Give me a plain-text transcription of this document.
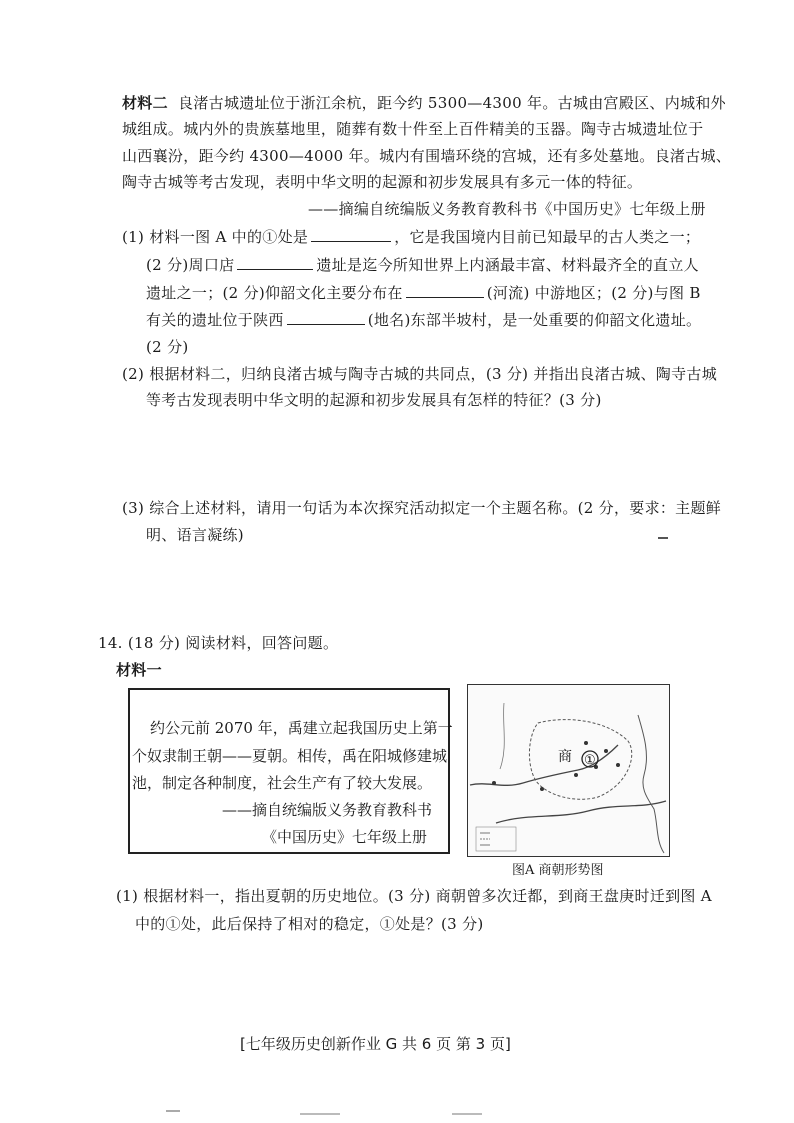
材料二 良渚古城遗址位于浙江余杭，距今约 5300—4300 年。古城由宫殿区、内城和外
城组成。城内外的贵族墓地里，随葬有数十件至上百件精美的玉器。陶寺古城遗址位于
山西襄汾，距今约 4300—4000 年。城内有围墙环绕的宫城，还有多处墓地。良渚古城、
陶寺古城等考古发现，表明中华文明的起源和初步发展具有多元一体的特征。
——摘编自统编版义务教育教科书《中国历史》七年级上册
(1) 材料一图 A 中的①处是	，它是我国境内目前已知最早的古人类之一；
(2 分)周口店	遗址是迄今所知世界上内涵最丰富、材料最齐全的直立人
遗址之一；(2 分)仰韶文化主要分布在	(河流) 中游地区；(2 分)与图 B
有关的遗址位于陕西	(地名)东部半坡村，是一处重要的仰韶文化遗址。
(2 分)
(2) 根据材料二，归纳良渚古城与陶寺古城的共同点，(3 分) 并指出良渚古城、陶寺古城
等考古发现表明中华文明的起源和初步发展具有怎样的特征？(3 分)
(3) 综合上述材料，请用一句话为本次探究活动拟定一个主题名称。(2 分，要求：主题鲜
明、语言凝练)
14. (18 分) 阅读材料，回答问题。
材料一
约公元前 2070 年，禹建立起我国历史上第一
个奴隶制王朝——夏朝。相传，禹在阳城修建城
池，制定各种制度，社会生产有了较大发展。
——摘自统编版义务教育教科书
《中国历史》七年级上册
①
商
图A 商朝形势图
(1) 根据材料一，指出夏朝的历史地位。(3 分) 商朝曾多次迁都，到商王盘庚时迁到图 A
中的①处，此后保持了相对的稳定，①处是？(3 分)
[七年级历史创新作业 G 共 6 页 第 3 页]
